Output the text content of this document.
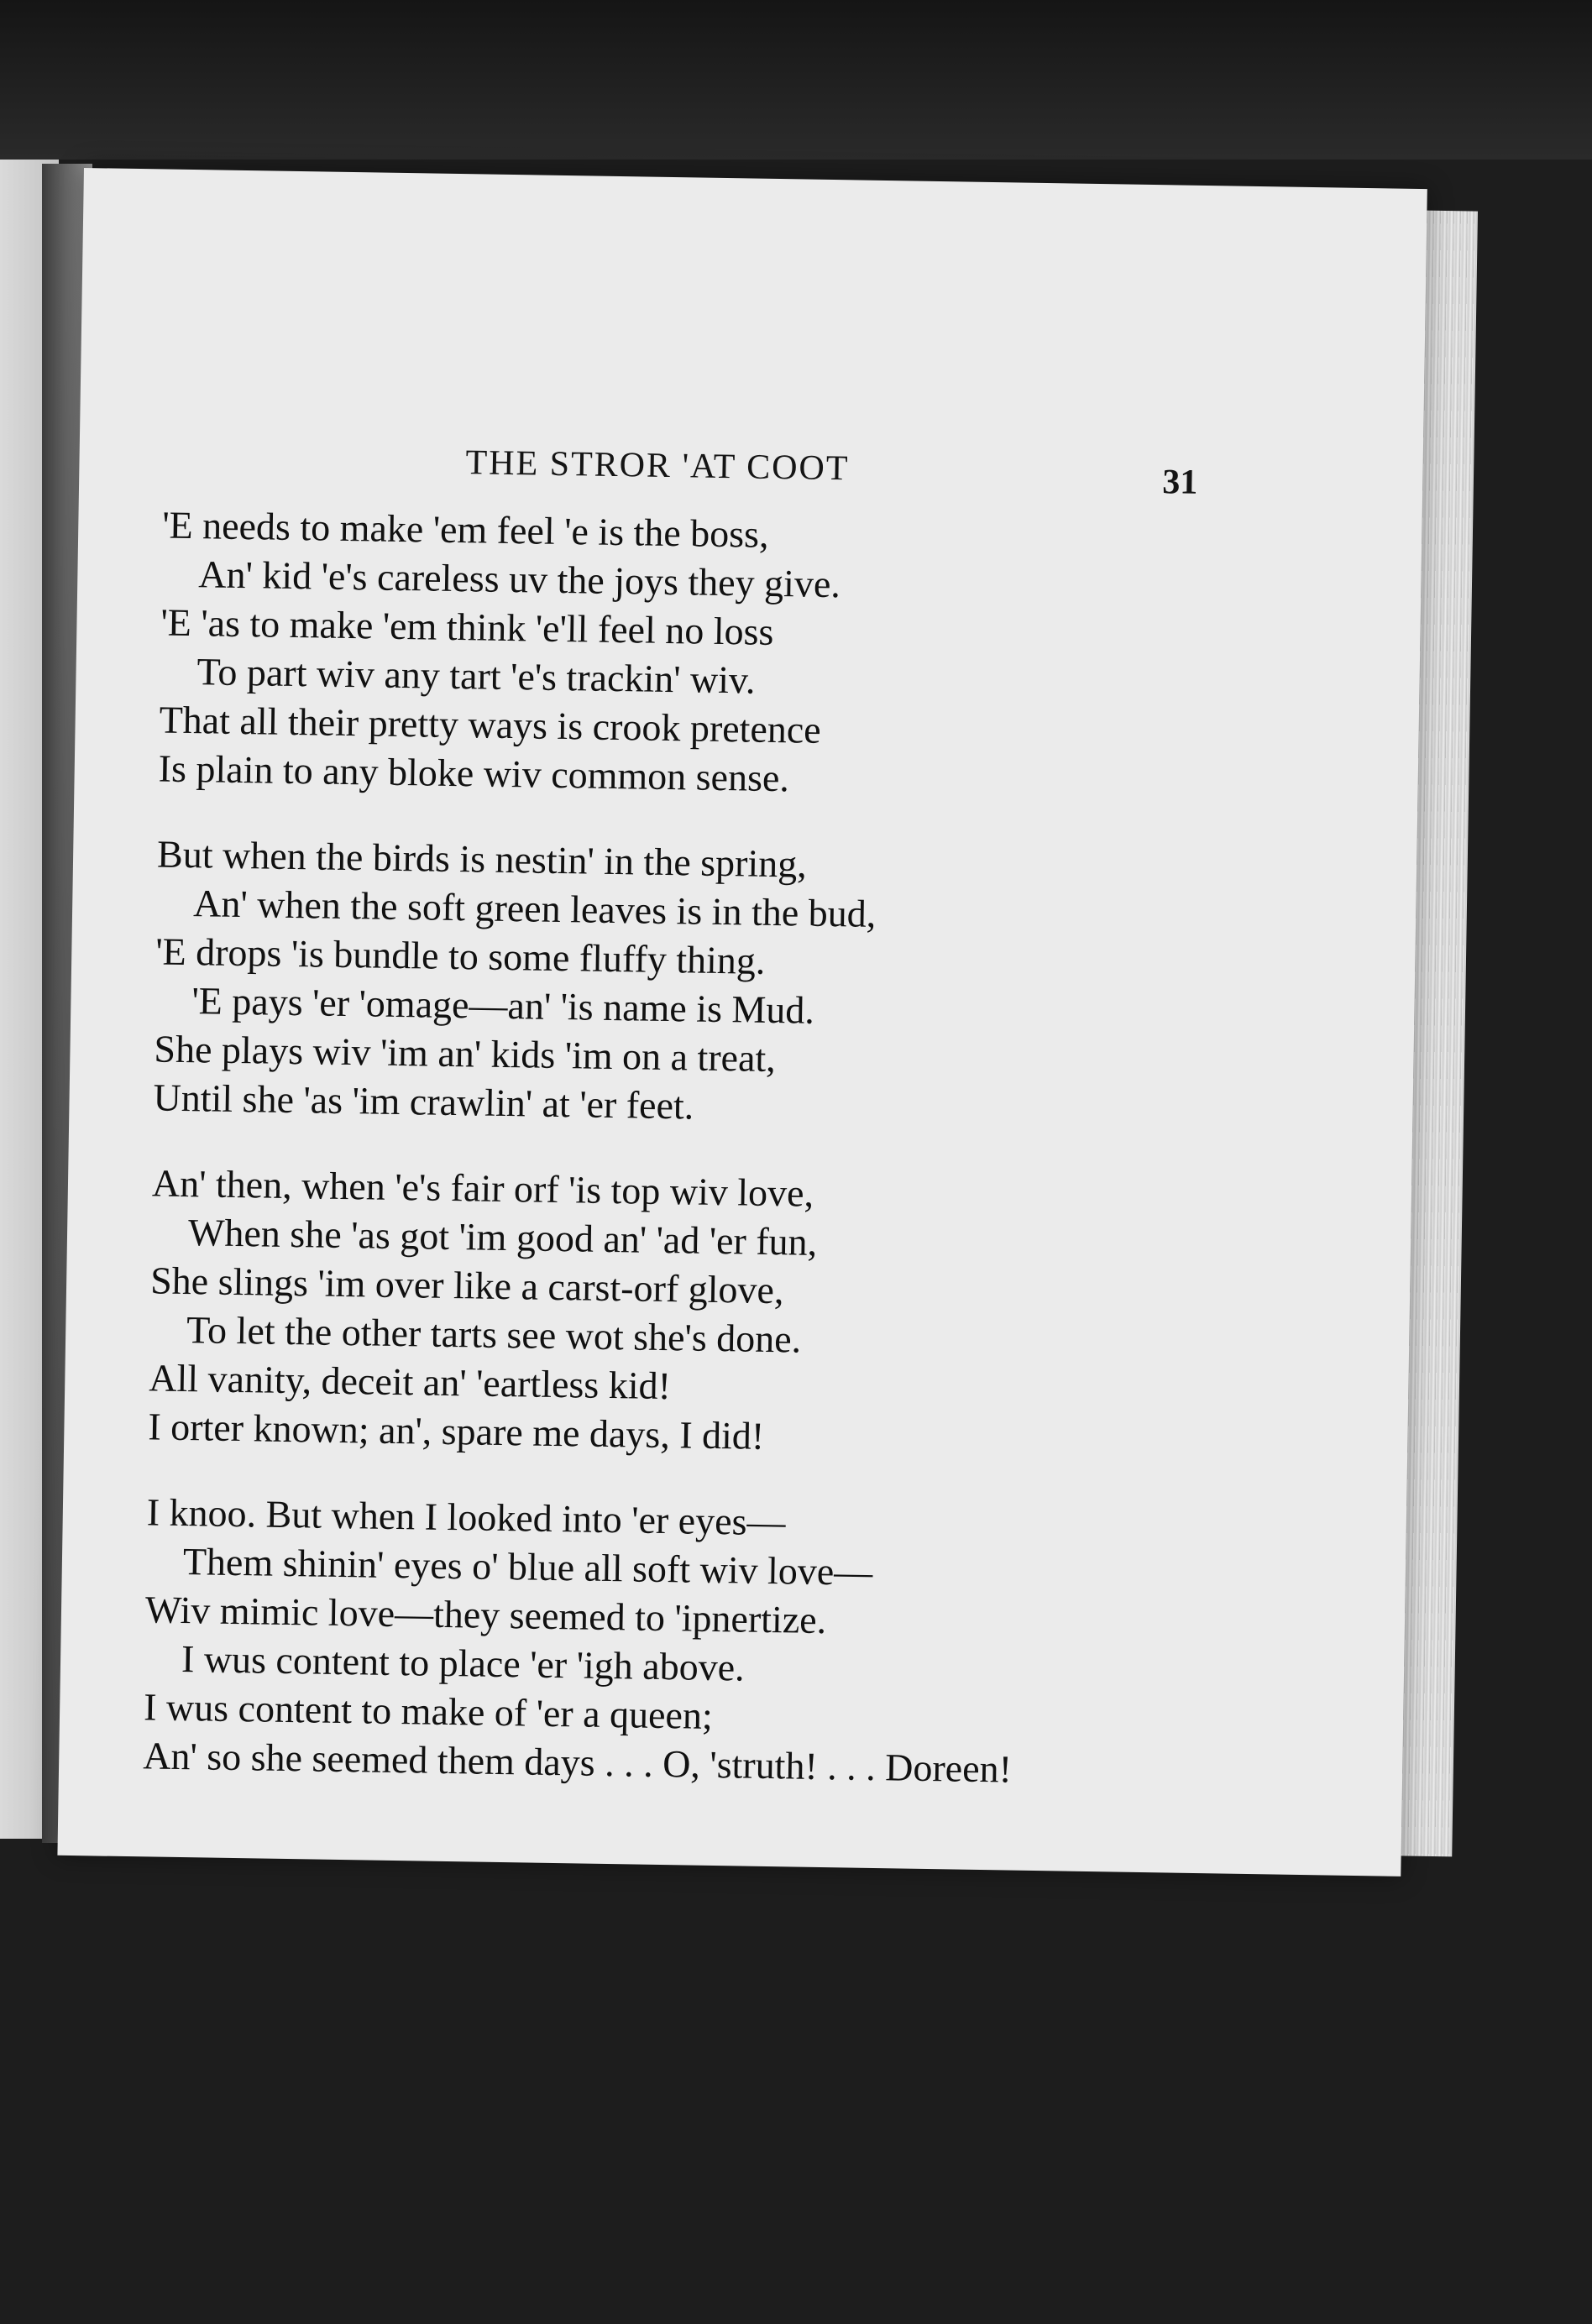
THE STROR 'AT COOT	31
'E needs to make 'em feel 'e is the boss,
An' kid 'e's careless uv the joys they give.
'E 'as to make 'em think 'e'll feel no loss
To part wiv any tart 'e's trackin' wiv.
That all their pretty ways is crook pretence
Is plain to any bloke wiv common sense.
But when the birds is nestin' in the spring,
An' when the soft green leaves is in the bud,
'E drops 'is bundle to some fluffy thing.
'E pays 'er 'omage—an' 'is name is Mud.
She plays wiv 'im an' kids 'im on a treat,
Until she 'as 'im crawlin' at 'er feet.
An' then, when 'e's fair orf 'is top wiv love,
When she 'as got 'im good an' 'ad 'er fun,
She slings 'im over like a carst-orf glove,
To let the other tarts see wot she's done.
All vanity, deceit an' 'eartless kid!
I orter known; an', spare me days, I did!
I knoo. But when I looked into 'er eyes—
Them shinin' eyes o' blue all soft wiv love—
Wiv mimic love—they seemed to 'ipnertize.
I wus content to place 'er 'igh above.
I wus content to make of 'er a queen;
An' so she seemed them days . . . O, 'struth! . . . Doreen!
